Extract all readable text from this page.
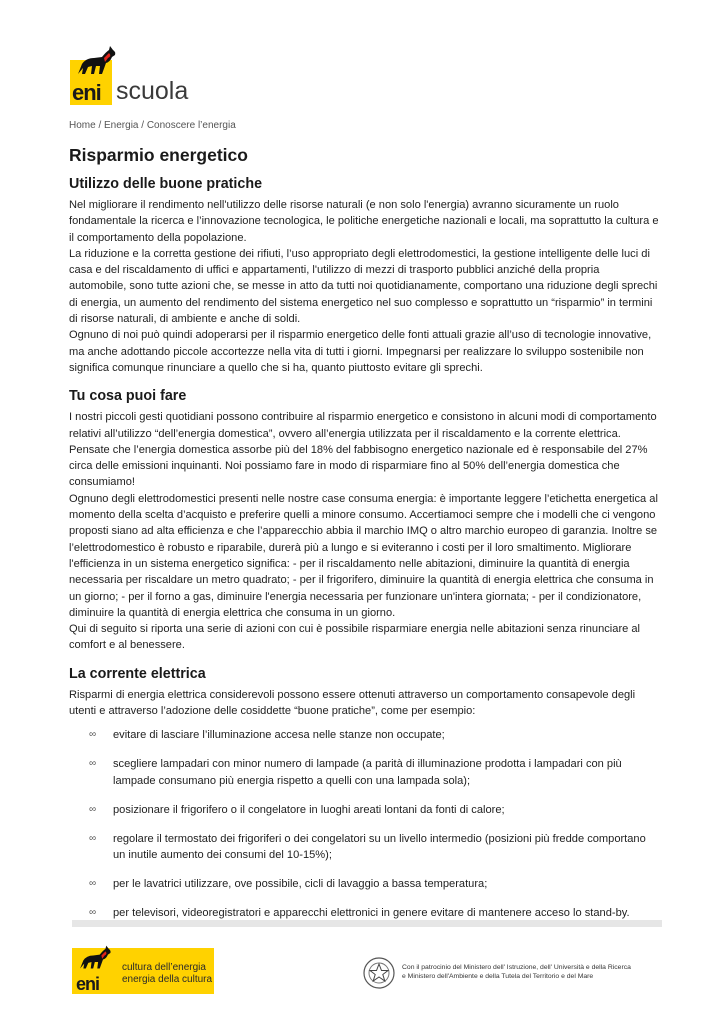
eni scuola
Home / Energia / Conoscere l’energia
Risparmio energetico
Utilizzo delle buone pratiche

Nel migliorare il rendimento nell'utilizzo delle risorse naturali (e non solo l'energia) avranno sicuramente un ruolo fondamentale la ricerca e l’innovazione tecnologica, le politiche energetiche nazionali e locali, ma soprattutto la cultura e il comportamento della popolazione.

La riduzione e la corretta gestione dei rifiuti, l’uso appropriato degli elettrodomestici, la gestione intelligente delle luci di casa e del riscaldamento di uffici e appartamenti, l'utilizzo di mezzi di trasporto pubblici anziché della propria automobile, sono tutte azioni che, se messe in atto da tutti noi quotidianamente, comportano una riduzione degli sprechi di energia, un aumento del rendimento del sistema energetico nel suo complesso e soprattutto un “risparmio” in termini di risorse naturali, di ambiente e anche di soldi.

Ognuno di noi può quindi adoperarsi per il risparmio energetico delle fonti attuali grazie all’uso di tecnologie innovative, ma anche adottando piccole accortezze nella vita di tutti i giorni. Impegnarsi per realizzare lo sviluppo sostenibile non significa comunque rinunciare a quello che si ha, quanto piuttosto evitare gli sprechi.

Tu cosa puoi fare

I nostri piccoli gesti quotidiani possono contribuire al risparmio energetico e consistono in alcuni modi di comportamento relativi all’utilizzo “dell’energia domestica”, ovvero all’energia utilizzata per il riscaldamento e la corrente elettrica.

Pensate che l’energia domestica assorbe più del 18% del fabbisogno energetico nazionale ed è responsabile del 27% circa delle emissioni inquinanti. Noi possiamo fare in modo di risparmiare fino al 50% dell’energia domestica che consumiamo!

Ognuno degli elettrodomestici presenti nelle nostre case consuma energia: è importante leggere l’etichetta energetica al momento della scelta d’acquisto e preferire quelli a minore consumo. Accertiamoci sempre che i modelli che ci vengono proposti siano ad alta efficienza e che l’apparecchio abbia il marchio IMQ o altro marchio europeo di garanzia. Inoltre se l’elettrodomestico è robusto e riparabile, durerà più a lungo e si eviteranno i costi per il loro smaltimento. Migliorare l'efficienza in un sistema energetico significa: - per il riscaldamento nelle abitazioni, diminuire la quantità di energia necessaria per riscaldare un metro quadrato; - per il frigorifero, diminuire la quantità di energia elettrica che consuma in un giorno; - per il forno a gas, diminuire l'energia necessaria per funzionare un'intera giornata; - per il condizionatore, diminuire la quantità di energia elettrica che consuma in un giorno.

Qui di seguito si riporta una serie di azioni con cui è possibile risparmiare energia nelle abitazioni senza rinunciare al comfort e al benessere.

La corrente elettrica

Risparmi di energia elettrica considerevoli possono essere ottenuti attraverso un comportamento consapevole degli utenti e attraverso l’adozione delle cosiddette “buone pratiche”, come per esempio:

∞ evitare di lasciare l’illuminazione accesa nelle stanze non occupate;
∞ scegliere lampadari con minor numero di lampade (a parità di illuminazione prodotta i lampadari con più lampade consumano più energia rispetto a quelli con una lampada sola);
∞ posizionare il frigorifero o il congelatore in luoghi areati lontani da fonti di calore;
∞ regolare il termostato dei frigoriferi o dei congelatori su un livello intermedio (posizioni più fredde comportano un inutile aumento dei consumi del 10-15%);
∞ per le lavatrici utilizzare, ove possibile, cicli di lavaggio a bassa temperatura;
∞ per televisori, videoregistratori e apparecchi elettronici in genere evitare di mantenere acceso lo stand-by.
eni
cultura dell’energia
energia della cultura
Con il patrocinio del Ministero dell' Istruzione, dell' Università e della Ricerca
e Ministero dell'Ambiente e della Tutela del Territorio e del Mare
